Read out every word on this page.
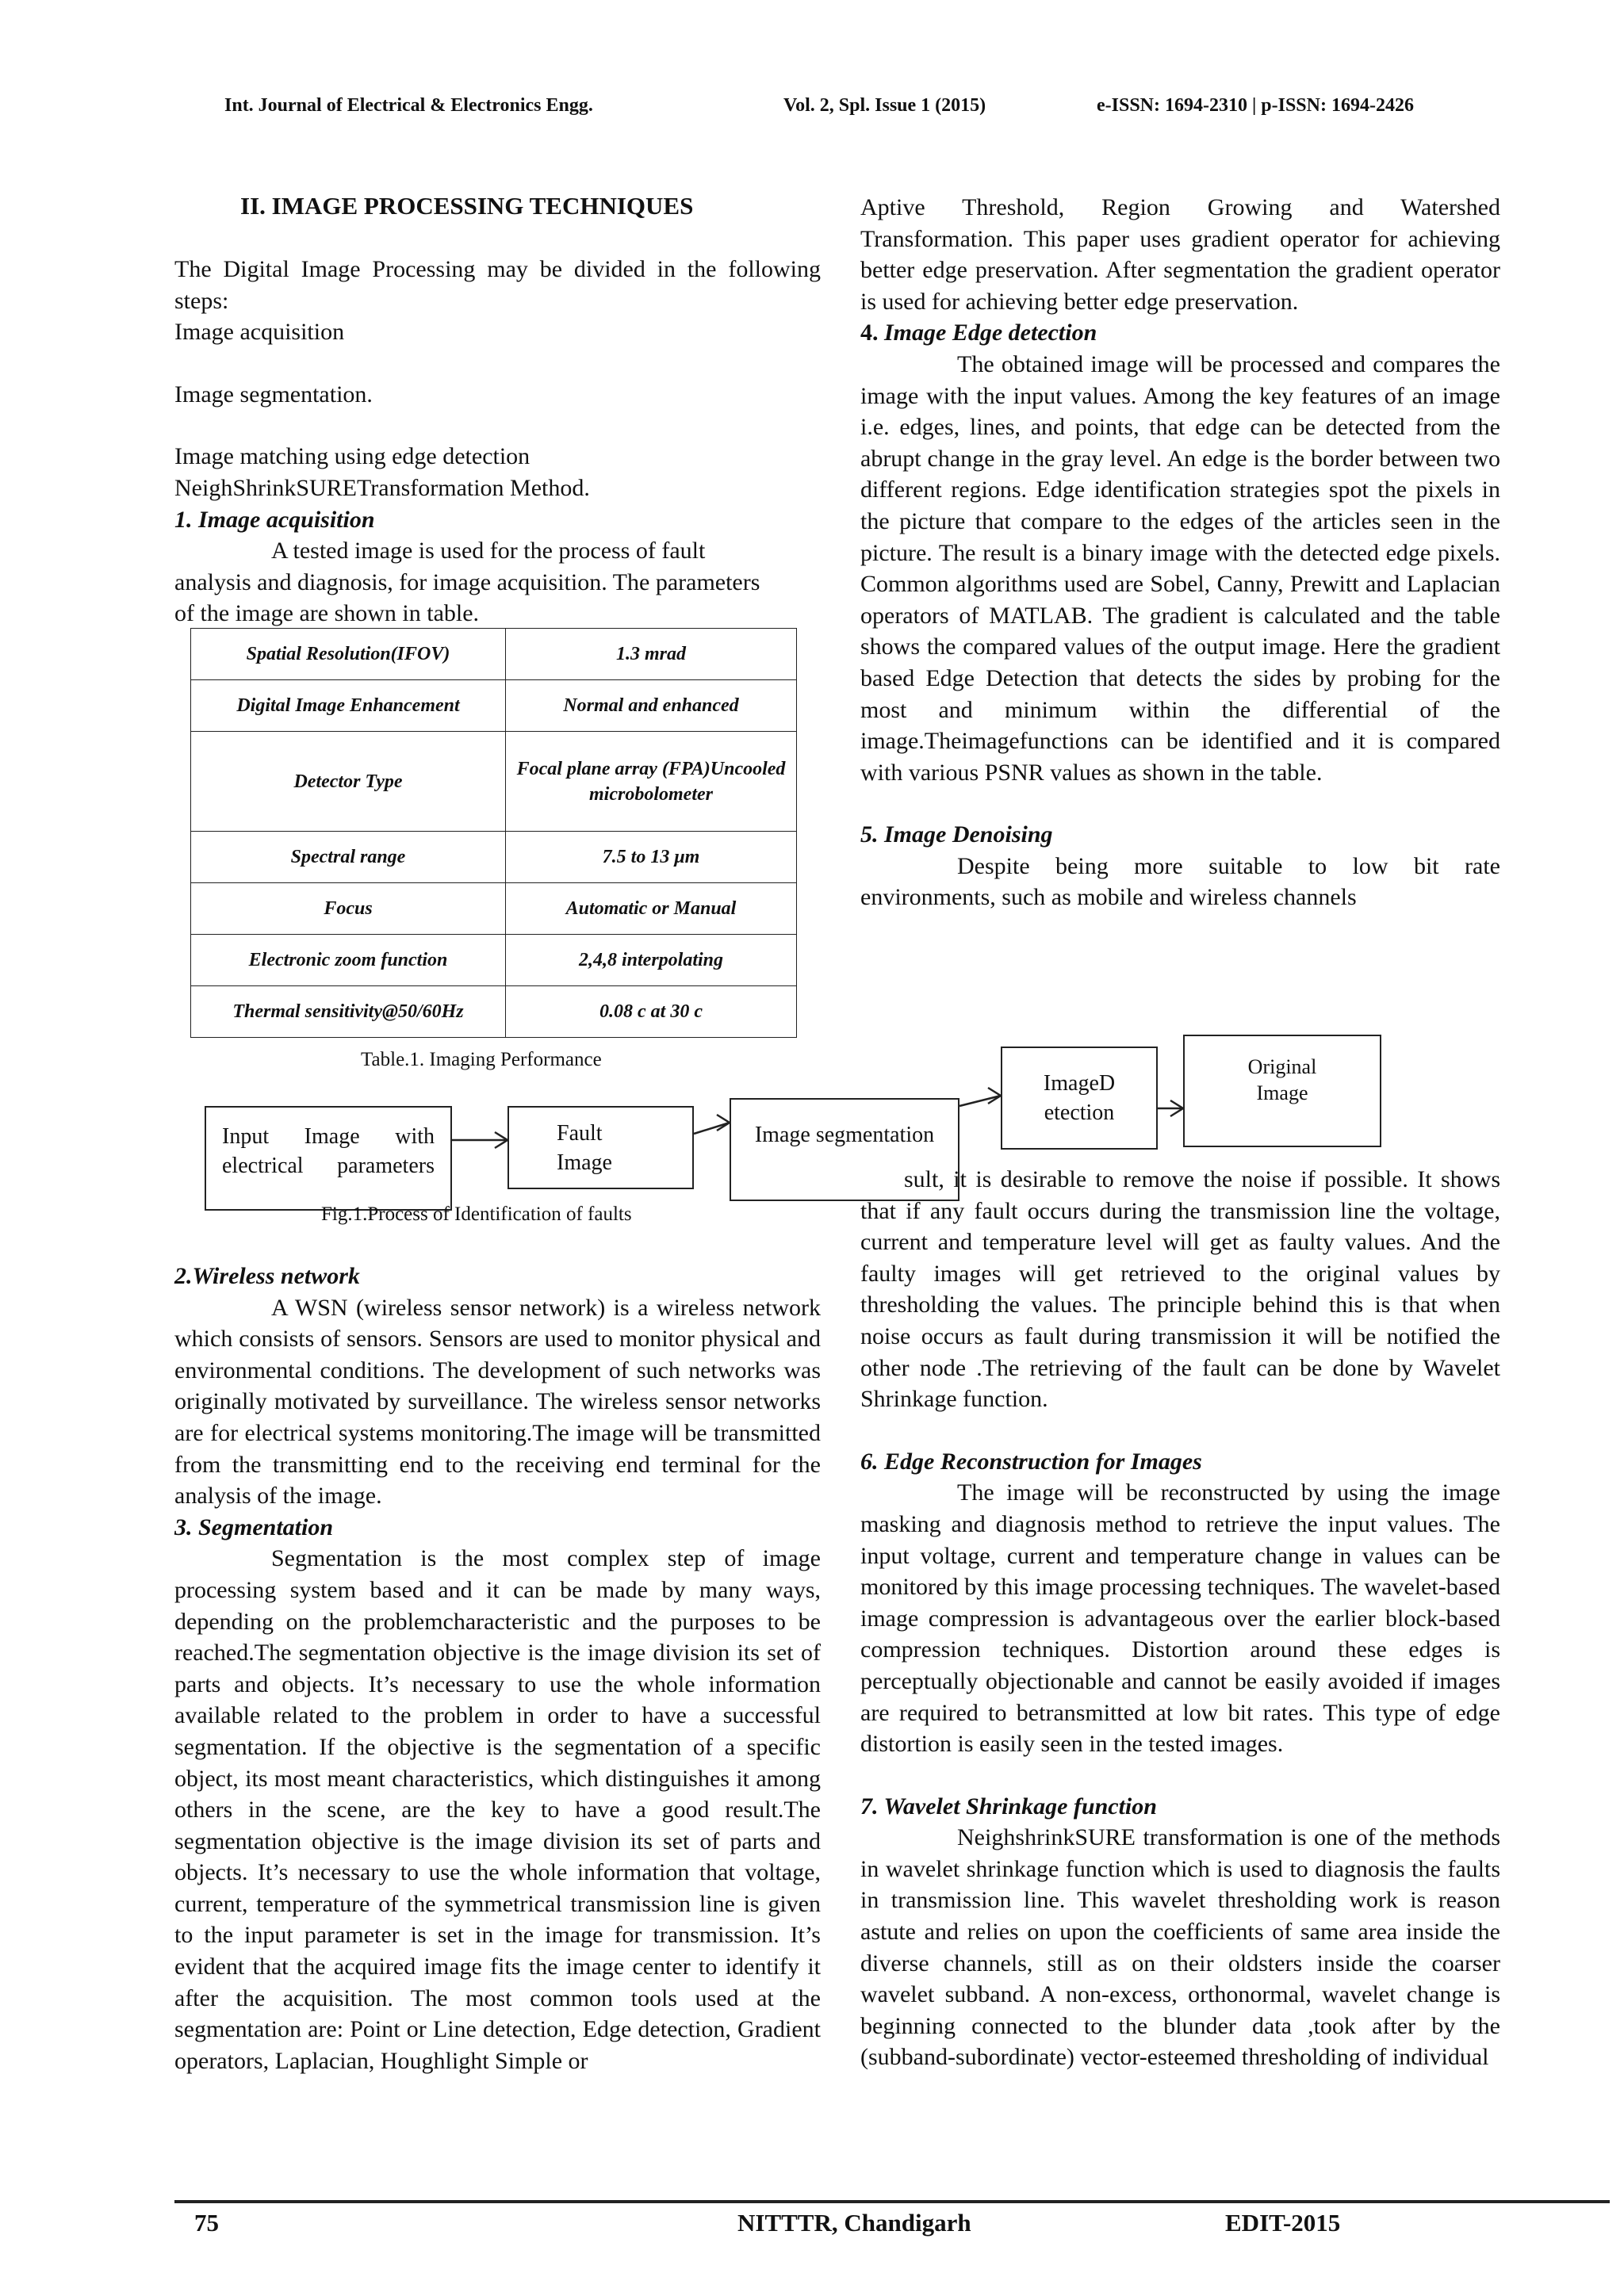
Int. Journal of Electrical & Electronics Engg.	Vol. 2, Spl. Issue 1 (2015)	e-ISSN: 1694-2310 | p-ISSN: 1694-2426
II. IMAGE PROCESSING TECHNIQUES

The Digital Image Processing may be divided in the following steps:

Image acquisition

Image segmentation.

Image matching using edge detection

NeighShrinkSURETransformation Method.

1. Image acquisition

A tested image is used for the process of fault analysis and diagnosis, for image acquisition. The parameters of the image are shown in table.

Spatial Resolution(IFOV)	1.3 mrad
Digital Image Enhancement	Normal and enhanced
Detector Type	Focal plane array (FPA)Uncooled microbolometer
Spectral range	7.5 to 13 μm
Focus	Automatic or Manual
Electronic zoom function	2,4,8 interpolating
Thermal sensitivity@50/60Hz	0.08 c at 30 c
Table.1. Imaging Performance
Input Image with electrical parameters
Fault Image
Image segmentation
ImageD etection
Original Image
Fig.1.Process of Identification of faults

2.Wireless network

A WSN (wireless sensor network) is a wireless network which consists of sensors. Sensors are used to monitor physical and environmental conditions. The development of such networks was originally motivated by surveillance. The wireless sensor networks are for electrical systems monitoring.The image will be transmitted from the transmitting end to the receiving end terminal for the analysis of the image.

3. Segmentation

Segmentation is the most complex step of image processing system based and it can be made by many ways, depending on the problemcharacteristic and the purposes to be reached.The segmentation objective is the image division its set of parts and objects. It’s necessary to use the whole information available related to the problem in order to have a successful segmentation. If the objective is the segmentation of a specific object, its most meant characteristics, which distinguishes it among others in the scene, are the key to have a good result.The segmentation objective is the image division its set of parts and objects. It’s necessary to use the whole information that voltage, current, temperature of the symmetrical transmission line is given to the input parameter is set in the image for transmission. It’s evident that the acquired image fits the image center to identify it after the acquisition. The most common tools used at the segmentation are: Point or Line detection, Edge detection, Gradient operators, Laplacian, Houghlight Simple or

Aptive Threshold, Region Growing and Watershed Transformation. This paper uses gradient operator for achieving better edge preservation. After segmentation the gradient operator is used for achieving better edge preservation.

4. Image Edge detection

The obtained image will be processed and compares the image with the input values. Among the key features of an image i.e. edges, lines, and points, that edge can be detected from the abrupt change in the gray level. An edge is the border between two different regions. Edge identification strategies spot the pixels in the picture that compare to the edges of the articles seen in the picture. The result is a binary image with the detected edge pixels. Common algorithms used are Sobel, Canny, Prewitt and Laplacian operators of MATLAB. The gradient is calculated and the table shows the compared values of the output image. Here the gradient based Edge Detection that detects the sides by probing for the most and minimum within the differential of the image.Theimagefunctions can be identified and it is compared with various PSNR values as shown in the table.

5. Image Denoising

Despite being more suitable to low bit rate environments, such as mobile and wireless channels

sult, it is desirable to remove the noise if possible. It shows that if any fault occurs during the transmission line the voltage, current and temperature level will get as faulty values. And the faulty images will get retrieved to the original values by thresholding the values. The principle behind this is that when noise occurs as fault during transmission it will be notified the other node .The retrieving of the fault can be done by Wavelet Shrinkage function.

6. Edge Reconstruction for Images

The image will be reconstructed by using the image masking and diagnosis method to retrieve the input values. The input voltage, current and temperature change in values can be monitored by this image processing techniques. The wavelet-based image compression is advantageous over the earlier block-based compression techniques. Distortion around these edges is perceptually objectionable and cannot be easily avoided if images are required to betransmitted at low bit rates. This type of edge distortion is easily seen in the tested images.

7. Wavelet Shrinkage function

NeighshrinkSURE transformation is one of the methods in wavelet shrinkage function which is used to diagnosis the faults in transmission line. This wavelet thresholding work is reason astute and relies on upon the coefficients of same area inside the diverse channels, still as on their oldsters inside the coarser wavelet subband. A non-excess, orthonormal, wavelet change is beginning connected to the blunder data ,took after by the (subband-subordinate) vector-esteemed thresholding of individual

75	NITTTR, Chandigarh	EDIT-2015
